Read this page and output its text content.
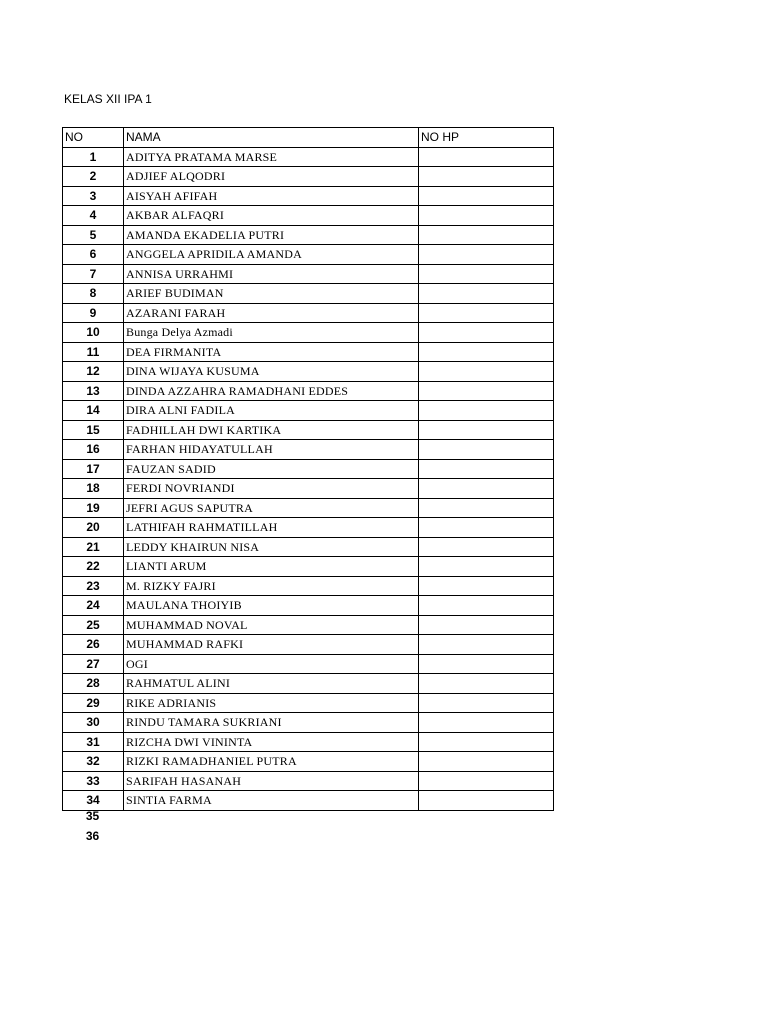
KELAS XII IPA 1
NO	NAMA	NO HP
1	ADITYA PRATAMA MARSE	
2	ADJIEF ALQODRI	
3	AISYAH AFIFAH	
4	AKBAR ALFAQRI	
5	AMANDA EKADELIA PUTRI	
6	ANGGELA APRIDILA AMANDA	
7	ANNISA URRAHMI	
8	ARIEF BUDIMAN	
9	AZARANI FARAH	
10	Bunga Delya Azmadi	
11	DEA FIRMANITA	
12	DINA WIJAYA KUSUMA	
13	DINDA AZZAHRA RAMADHANI EDDES	
14	DIRA ALNI FADILA	
15	FADHILLAH DWI KARTIKA	
16	FARHAN HIDAYATULLAH	
17	FAUZAN SADID	
18	FERDI NOVRIANDI	
19	JEFRI AGUS SAPUTRA	
20	LATHIFAH RAHMATILLAH	
21	LEDDY KHAIRUN NISA	
22	LIANTI ARUM	
23	M. RIZKY FAJRI	
24	MAULANA THOIYIB	
25	MUHAMMAD NOVAL	
26	MUHAMMAD RAFKI	
27	OGI	
28	RAHMATUL ALINI	
29	RIKE ADRIANIS	
30	RINDU TAMARA SUKRIANI	
31	RIZCHA DWI VININTA	
32	RIZKI RAMADHANIEL PUTRA	
33	SARIFAH HASANAH	
34	SINTIA FARMA	
35
36
